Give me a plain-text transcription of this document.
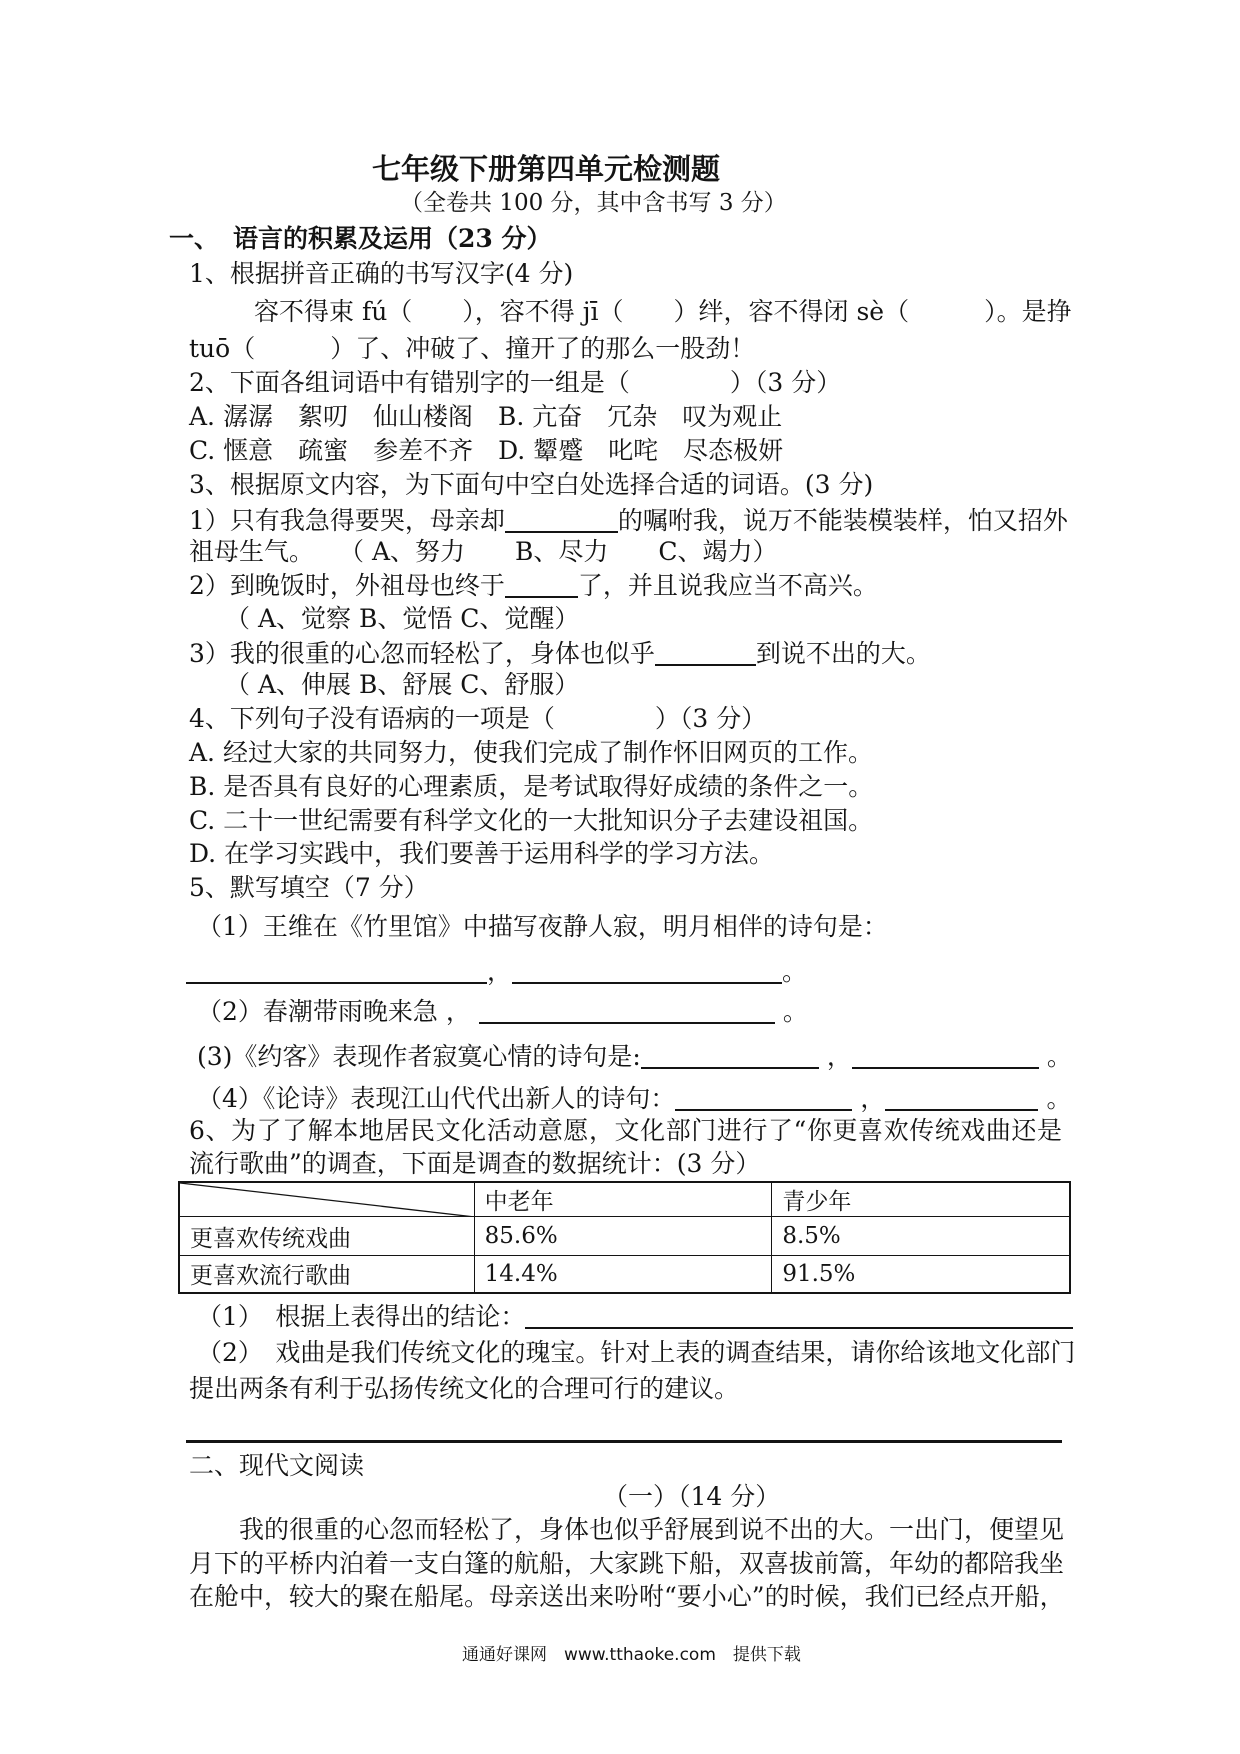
七年级下册第四单元检测题
（全卷共 100 分，其中含书写 3 分）
一、 语言的积累及运用（23 分）
1、根据拼音正确的书写汉字(4 分)
容不得束 fú（　　），容不得 jī（　　）绊，容不得闭 sè（　　　）。是挣
tuō（　　　）了、冲破了、撞开了的那么一股劲！
2、下面各组词语中有错别字的一组是（　　　　）（3 分）
A. 潺潺　絮叨　仙山楼阁　B. 亢奋　冗杂　叹为观止
C. 惬意　疏蜜　参差不齐　D. 颦蹙　叱咤　尽态极妍
3、根据原文内容，为下面句中空白处选择合适的词语。(3 分)
1）只有我急得要哭，母亲却	的嘱咐我，说万不能装模装样，怕又招外
祖母生气。　　（ A、努力　　B、尽力　　C、竭力）
2）到晚饭时，外祖母也终于	了，并且说我应当不高兴。
（ A、觉察 B、觉悟 C、觉醒）
3）我的很重的心忽而轻松了，身体也似乎	到说不出的大。
（ A、伸展 B、舒展 C、舒服）
4、下列句子没有语病的一项是（　　　　）（3 分）
A. 经过大家的共同努力，使我们完成了制作怀旧网页的工作。
B. 是否具有良好的心理素质，是考试取得好成绩的条件之一。
C. 二十一世纪需要有科学文化的一大批知识分子去建设祖国。
D. 在学习实践中，我们要善于运用科学的学习方法。
5、默写填空（7 分）
（1）王维在《竹里馆》中描写夜静人寂，明月相伴的诗句是：
，	。
（2）春潮带雨晚来急 ，	。
(3)《约客》表现作者寂寞心情的诗句是:	，	。
（4）《论诗》表现江山代代出新人的诗句：	，	。
6、为了了解本地居民文化活动意愿，文化部门进行了“你更喜欢传统戏曲还是
流行歌曲”的调查，下面是调查的数据统计：(3 分）
	中老年	青少年
更喜欢传统戏曲	85.6%	8.5%
更喜欢流行歌曲	14.4%	91.5%
（1）　根据上表得出的结论：
（2）　戏曲是我们传统文化的瑰宝。针对上表的调查结果，请你给该地文化部门
提出两条有利于弘扬传统文化的合理可行的建议。
二、现代文阅读
（一）（14 分）
我的很重的心忽而轻松了，身体也似乎舒展到说不出的大。一出门，便望见
月下的平桥内泊着一支白篷的航船，大家跳下船，双喜拔前篙，年幼的都陪我坐
在舱中，较大的聚在船尾。母亲送出来吩咐“要小心”的时候，我们已经点开船，
通通好课网　www.tthaoke.com　提供下载
